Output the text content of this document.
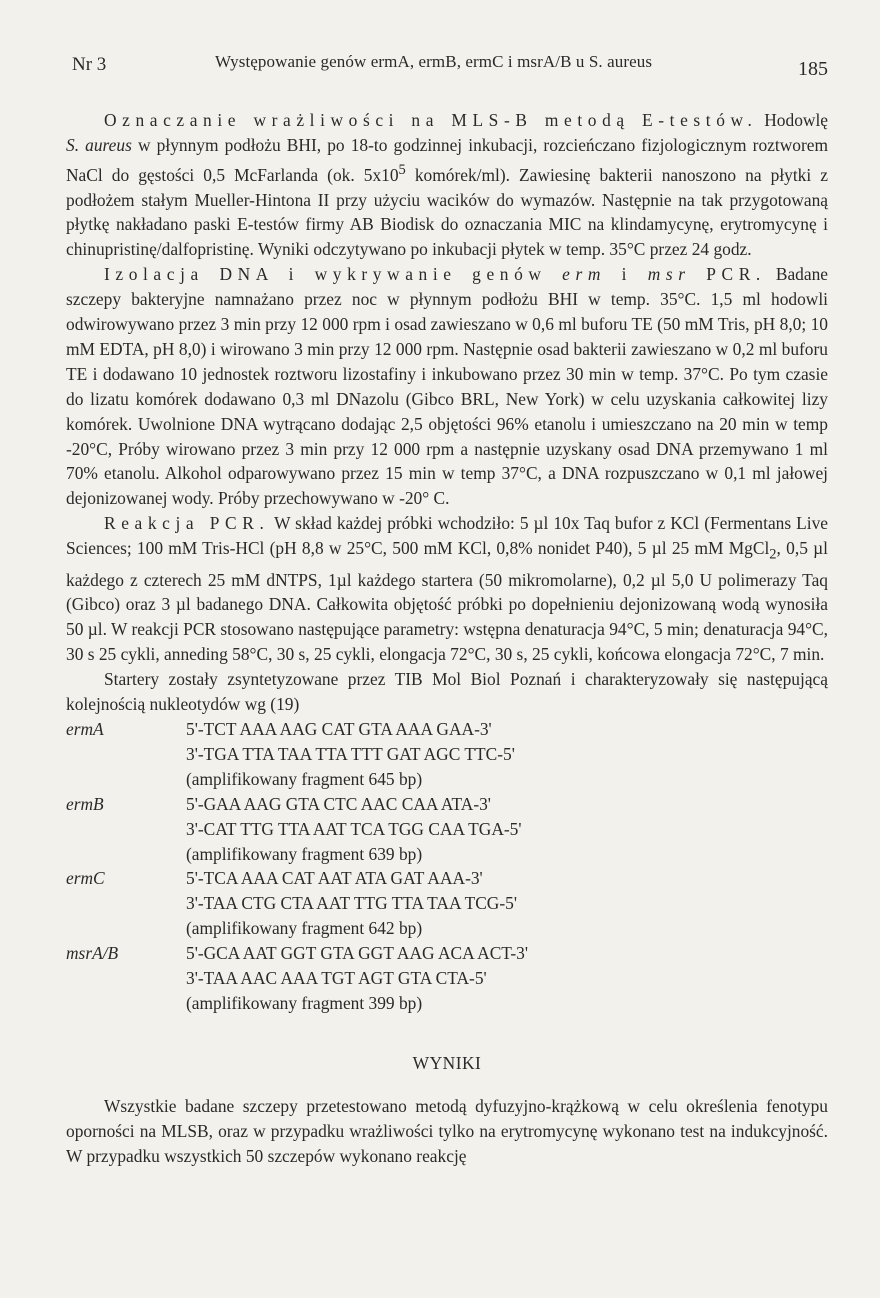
Nr 3	Występowanie genów ermA, ermB, ermC i msrA/B u S. aureus	185

Oznaczanie wrażliwości na MLS-B metodą E-testów. Hodowlę S. aureus w płynnym podłożu BHI, po 18-to godzinnej inkubacji, rozcieńczano fizjologicznym roztworem NaCl do gęstości 0,5 McFarlanda (ok. $5x10^5$ komórek/ml). Zawiesinę bakterii nanoszono na płytki z podłożem stałym Mueller-Hintona II przy użyciu wacików do wymazów. Następnie na tak przygotowaną płytkę nakładano paski E-testów firmy AB Biodisk do oznaczania MIC na klindamycynę, erytromycynę i chinupristinę/dalfopristinę. Wyniki odczytywano po inkubacji płytek w temp. 35°C przez 24 godz.

Izolacja DNA i wykrywanie genów erm i msr PCR. Badane szczepy bakteryjne namnażano przez noc w płynnym podłożu BHI w temp. 35°C. 1,5 ml hodowli odwirowywano przez 3 min przy 12 000 rpm i osad zawieszano w 0,6 ml buforu TE (50 mM Tris, pH 8,0; 10 mM EDTA, pH 8,0) i wirowano 3 min przy 12 000 rpm. Następnie osad bakterii zawieszano w 0,2 ml buforu TE i dodawano 10 jednostek roztworu lizostafiny i inkubowano przez 30 min w temp. 37°C. Po tym czasie do lizatu komórek dodawano 0,3 ml DNazolu (Gibco BRL, New York) w celu uzyskania całkowitej lizy komórek. Uwolnione DNA wytrącano dodając 2,5 objętości 96% etanolu i umieszczano na 20 min w temp -20°C, Próby wirowano przez 3 min przy 12 000 rpm a następnie uzyskany osad DNA przemywano 1 ml 70% etanolu. Alkohol odparowywano przez 15 min w temp 37°C, a DNA rozpuszczano w 0,1 ml jałowej dejonizowanej wody. Próby przechowywano w -20° C.

Reakcja PCR. W skład każdej próbki wchodziło: 5 µl 10x Taq bufor z KCl (Fermentans Live Sciences; 100 mM Tris-HCl (pH 8,8 w 25°C, 500 mM KCl, 0,8% nonidet P40), 5 µl 25 mM MgCl$_2$, 0,5 µl każdego z czterech 25 mM dNTPS, 1µl każdego startera (50 mikromolarne), 0,2 µl 5,0 U polimerazy Taq (Gibco) oraz 3 µl badanego DNA. Całkowita objętość próbki po dopełnieniu dejonizowaną wodą wynosiła 50 µl. W reakcji PCR stosowano następujące parametry: wstępna denaturacja 94°C, 5 min; denaturacja 94°C, 30 s 25 cykli, anneding 58°C, 30 s, 25 cykli, elongacja 72°C, 30 s, 25 cykli, końcowa elongacja 72°C, 7 min.

Startery zostały zsyntetyzowane przez TIB Mol Biol Poznań i charakteryzowały się następującą kolejnością nukleotydów wg (19)

ermA	5'-TCT AAA AAG CAT GTA AAA GAA-3'
3'-TGA TTA TAA TTA TTT GAT AGC TTC-5'
(amplifikowany fragment 645 bp)
ermB	5'-GAA AAG GTA CTC AAC CAA ATA-3'
3'-CAT TTG TTA AAT TCA TGG CAA TGA-5'
(amplifikowany fragment 639 bp)
ermC	5'-TCA AAA CAT AAT ATA GAT AAA-3'
3'-TAA CTG CTA AAT TTG TTA TAA TCG-5'
(amplifikowany fragment 642 bp)
msrA/B	5'-GCA AAT GGT GTA GGT AAG ACA ACT-3'
3'-TAA AAC AAA TGT AGT GTA CTA-5'
(amplifikowany fragment 399 bp)
WYNIKI

Wszystkie badane szczepy przetestowano metodą dyfuzyjno-krążkową w celu określenia fenotypu oporności na MLSB, oraz w przypadku wrażliwości tylko na erytromycynę wykonano test na indukcyjność. W przypadku wszystkich 50 szczepów wykonano reakcję
